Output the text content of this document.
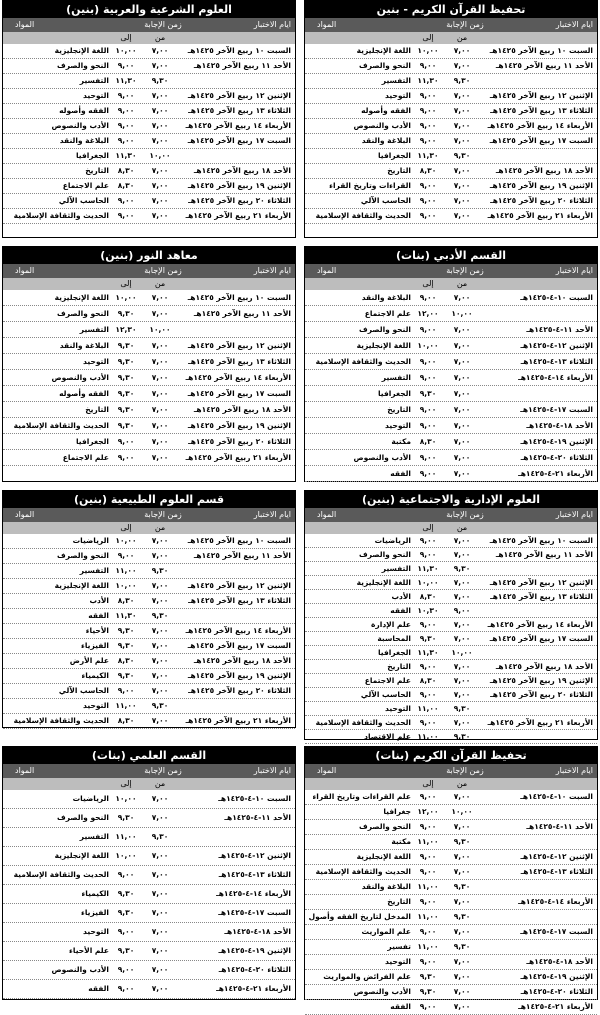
تحفيظ القرآن الكريم - بنين
ايام الاختبار
زمن الإجابة
المواد
من
إلى
السبت ١٠ ربيع الآخر ١٤٢٥هـ
٧,٠٠
١٠,٠٠
اللغة الإنجليزية
الأحد ١١ ربيع الآخر ١٤٢٥هـ
٧,٠٠
٩,٠٠
النحو والصرف
٩,٣٠
١١,٣٠
التفسير
الإثنين ١٢ ربيع الآخر ١٤٢٥هـ
٧,٠٠
٩,٠٠
التوحيد
الثلاثاء ١٣ ربيع الآخر ١٤٢٥هـ
٧,٠٠
٩,٠٠
الفقه وأصوله
الأربعاء ١٤ ربيع الآخر ١٤٢٥هـ
٧,٠٠
٩,٠٠
الأدب والنصوص
السبت ١٧ ربيع الآخر ١٤٢٥هـ
٧,٠٠
٩,٠٠
البلاغة والنقد
٩,٣٠
١١,٣٠
الجغرافيا
الأحد ١٨ ربيع الآخر ١٤٢٥هـ
٧,٠٠
٨,٣٠
التاريخ
الإثنين ١٩ ربيع الآخر ١٤٢٥هـ
٧,٠٠
٩,٠٠
القراءات وتاريخ القراء
الثلاثاء ٢٠ ربيع الآخر ١٤٢٥هـ
٧,٠٠
٩,٠٠
الحاسب الآلي
الأربعاء ٢١ ربيع الآخر ١٤٢٥هـ
٧,٠٠
٩,٠٠
الحديث والثقافة الإسلامية
العلوم الشرعية والعربية (بنين)
ايام الاختبار
زمن الإجابة
المواد
من
إلى
السبت ١٠ ربيع الآخر ١٤٢٥هـ
٧,٠٠
١٠,٠٠
اللغة الإنجليزية
الأحد ١١ ربيع الآخر ١٤٢٥هـ
٧,٠٠
٩,٠٠
النحو والصرف
٩,٣٠
١١,٣٠
التفسير
الإثنين ١٢ ربيع الآخر ١٤٢٥هـ
٧,٠٠
٩,٠٠
التوحيد
الثلاثاء ١٣ ربيع الآخر ١٤٢٥هـ
٧,٠٠
٩,٠٠
الفقه وأصوله
الأربعاء ١٤ ربيع الآخر ١٤٢٥هـ
٧,٠٠
٩,٠٠
الأدب والنصوص
السبت ١٧ ربيع الآخر ١٤٢٥هـ
٧,٠٠
٩,٠٠
البلاغة والنقد
١٠,٠٠
١١,٣٠
الجغرافيا
الأحد ١٨ ربيع الآخر ١٤٢٥هـ
٧,٠٠
٨,٣٠
التاريخ
الإثنين ١٩ ربيع الآخر ١٤٢٥هـ
٧,٠٠
٨,٣٠
علم الاجتماع
الثلاثاء ٢٠ ربيع الآخر ١٤٢٥هـ
٧,٠٠
٩,٠٠
الحاسب الآلي
الأربعاء ٢١ ربيع الآخر ١٤٢٥هـ
٧,٠٠
٩,٠٠
الحديث والثقافة الإسلامية
القسم الأدبي (بنات)
ايام الاختبار
زمن الإجابة
المواد
من
إلى
السبت ١٠-٤-١٤٢٥هـ
٧,٠٠
٩,٠٠
البلاغة والنقد
١٠,٠٠
١٢,٠٠
علم الاجتماع
الأحد ١١-٤-١٤٢٥هـ
٧,٠٠
٩,٠٠
النحو والصرف
الإثنين ١٢-٤-١٤٢٥هـ
٧,٠٠
١٠,٠٠
اللغة الإنجليزية
الثلاثاء ١٣-٤-١٤٢٥هـ
٧,٠٠
٩,٠٠
الحديث والثقافة الإسلامية
الأربعاء ١٤-٤-١٤٢٥هـ
٧,٠٠
٩,٠٠
التفسير
٧,٠٠
٩,٣٠
الجغرافيا
السبت ١٧-٤-١٤٢٥هـ
٧,٠٠
٩,٠٠
التاريخ
الأحد ١٨-٤-١٤٢٥هـ
٧,٠٠
٩,٠٠
التوحيد
الإثنين ١٩-٤-١٤٢٥هـ
٧,٠٠
٨,٣٠
مكتبة
الثلاثاء ٢٠-٤-١٤٢٥هـ
٧,٠٠
٩,٠٠
الأدب والنصوص
الأربعاء ٢١-٤-١٤٢٥هـ
٧,٠٠
٩,٠٠
الفقه
معاهد النور (بنين)
ايام الاختبار
زمن الإجابة
المواد
من
إلى
السبت ١٠ ربيع الآخر ١٤٢٥هـ
٧,٠٠
١٠,٠٠
اللغة الإنجليزية
الأحد ١١ ربيع الآخر ١٤٢٥هـ
٧,٠٠
٩,٣٠
النحو والصرف
١٠,٠٠
١٢,٣٠
التفسير
الإثنين ١٢ ربيع الآخر ١٤٢٥هـ
٧,٠٠
٩,٣٠
البلاغة والنقد
الثلاثاء ١٣ ربيع الآخر ١٤٢٥هـ
٧,٠٠
٩,٣٠
التوحيد
الأربعاء ١٤ ربيع الآخر ١٤٢٥هـ
٧,٠٠
٩,٣٠
الأدب والنصوص
السبت ١٧ ربيع الآخر ١٤٢٥هـ
٧,٠٠
٩,٣٠
الفقه وأصوله
الأحد ١٨ ربيع الآخر ١٤٢٥هـ
٧,٠٠
٩,٣٠
التاريخ
الإثنين ١٩ ربيع الآخر ١٤٢٥هـ
٧,٠٠
٩,٣٠
الحديث والثقافة الإسلامية
الثلاثاء ٢٠ ربيع الآخر ١٤٢٥هـ
٧,٠٠
٩,٠٠
الجغرافيا
الأربعاء ٢١ ربيع الآخر ١٤٢٥هـ
٧,٠٠
٩,٠٠
علم الاجتماع
العلوم الإدارية والاجتماعية (بنين)
ايام الاختبار
زمن الإجابة
المواد
من
إلى
السبت ١٠ ربيع الآخر ١٤٢٥هـ
٧,٠٠
٩,٠٠
الرياضيات
الأحد ١١ ربيع الآخر ١٤٢٥هـ
٧,٠٠
٩,٠٠
النحو والصرف
٩,٣٠
١١,٣٠
التفسير
الإثنين ١٢ ربيع الآخر ١٤٢٥هـ
٧,٠٠
١٠,٠٠
اللغة الإنجليزية
الثلاثاء ١٣ ربيع الآخر ١٤٢٥هـ
٧,٠٠
٨,٣٠
الأدب
٩,٠٠
١٠,٣٠
الفقه
الأربعاء ١٤ ربيع الآخر ١٤٢٥هـ
٧,٠٠
٩,٠٠
علم الإدارة
السبت ١٧ ربيع الآخر ١٤٢٥هـ
٧,٠٠
٩,٣٠
المحاسبة
١٠,٠٠
١١,٣٠
الجغرافيا
الأحد ١٨ ربيع الآخر ١٤٢٥هـ
٧,٠٠
٩,٠٠
التاريخ
الإثنين ١٩ ربيع الآخر ١٤٢٥هـ
٧,٠٠
٨,٣٠
علم الاجتماع
الثلاثاء ٢٠ ربيع الآخر ١٤٢٥هـ
٧,٠٠
٩,٠٠
الحاسب الآلي
٩,٣٠
١١,٠٠
التوحيد
الأربعاء ٢١ ربيع الآخر ١٤٢٥هـ
٧,٠٠
٩,٠٠
الحديث والثقافة الإسلامية
٩,٣٠
١١,٠٠
علم الاقتصاد
قسم العلوم الطبيعية (بنين)
ايام الاختبار
زمن الإجابة
المواد
من
إلى
السبت ١٠ ربيع الآخر ١٤٢٥هـ
٧,٠٠
١٠,٠٠
الرياضيات
الأحد ١١ ربيع الآخر ١٤٢٥هـ
٧,٠٠
٩,٠٠
النحو والصرف
٩,٣٠
١١,٠٠
التفسير
الإثنين ١٢ ربيع الآخر ١٤٢٥هـ
٧,٠٠
١٠,٠٠
اللغة الإنجليزية
الثلاثاء ١٣ ربيع الآخر ١٤٢٥هـ
٧,٠٠
٨,٣٠
الأدب
٩,٣٠
١١,٣٠
الفقه
الأربعاء ١٤ ربيع الآخر ١٤٢٥هـ
٧,٠٠
٩,٣٠
الأحياء
السبت ١٧ ربيع الآخر ١٤٢٥هـ
٧,٠٠
٩,٣٠
الفيزياء
الأحد ١٨ ربيع الآخر ١٤٢٥هـ
٧,٠٠
٨,٣٠
علم الأرض
الإثنين ١٩ ربيع الآخر ١٤٢٥هـ
٧,٠٠
٩,٣٠
الكيمياء
الثلاثاء ٢٠ ربيع الآخر ١٤٢٥هـ
٧,٠٠
٩,٠٠
الحاسب الآلي
٩,٣٠
١١,٠٠
التوحيد
الأربعاء ٢١ ربيع الآخر ١٤٢٥هـ
٧,٠٠
٨,٣٠
الحديث والثقافة الإسلامية
تحفيظ القرآن الكريم (بنات)
ايام الاختبار
زمن الإجابة
المواد
من
إلى
السبت ١٠-٤-١٤٢٥هـ
٧,٠٠
٩,٠٠
علم القراءات وتاريخ القراء
١٠,٠٠
١٢,٠٠
جغرافيا
الأحد ١١-٤-١٤٢٥هـ
٧,٠٠
٩,٠٠
النحو والصرف
٩,٣٠
١١,٠٠
مكتبة
الإثنين ١٢-٤-١٤٢٥هـ
٧,٠٠
٩,٠٠
اللغة الإنجليزية
الثلاثاء ١٣-٤-١٤٢٥هـ
٧,٠٠
٩,٠٠
الحديث والثقافة الإسلامية
٩,٣٠
١١,٠٠
البلاغة والنقد
الأربعاء ١٤-٤-١٤٢٥هـ
٧,٠٠
٩,٠٠
التاريخ
٩,٣٠
١١,٠٠
المدخل لتاريخ الفقه وأصول
السبت ١٧-٤-١٤٢٥هـ
٧,٠٠
٩,٠٠
علم المواريث
٩,٣٠
١١,٠٠
تفسير
الأحد ١٨-٤-١٤٢٥هـ
٧,٠٠
٩,٠٠
التوحيد
الإثنين ١٩-٤-١٤٢٥هـ
٧,٠٠
٩,٣٠
علم الفرائض والمواريث
الثلاثاء ٢٠-٤-١٤٢٥هـ
٧,٠٠
٩,٣٠
الأدب والنصوص
الأربعاء ٢١-٤-١٤٢٥هـ
٧,٠٠
٩,٠٠
الفقه
القسم العلمي (بنات)
ايام الاختبار
زمن الإجابة
المواد
من
إلى
السبت ١٠-٤-١٤٢٥هـ
٧,٠٠
١٠,٠٠
الرياضيات
الأحد ١١-٤-١٤٢٥هـ
٧,٠٠
٩,٣٠
النحو والصرف
٩,٣٠
١١,٠٠
التفسير
الإثنين ١٢-٤-١٤٢٥هـ
٧,٠٠
١٠,٠٠
اللغة الإنجليزية
الثلاثاء ١٣-٤-١٤٢٥هـ
٧,٠٠
٩,٠٠
الحديث والثقافة الإسلامية
الأربعاء ١٤-٤-١٤٢٥هـ
٧,٠٠
٩,٣٠
الكيمياء
السبت ١٧-٤-١٤٢٥هـ
٧,٠٠
٩,٣٠
الفيزياء
الأحد ١٨-٤-١٤٢٥هـ
٧,٠٠
٩,٠٠
التوحيد
الإثنين ١٩-٤-١٤٢٥هـ
٧,٠٠
٩,٣٠
علم الأحياء
الثلاثاء ٢٠-٤-١٤٢٥هـ
٧,٠٠
٩,٠٠
الأدب والنصوص
الأربعاء ٢١-٤-١٤٢٥هـ
٧,٠٠
٩,٠٠
الفقه
